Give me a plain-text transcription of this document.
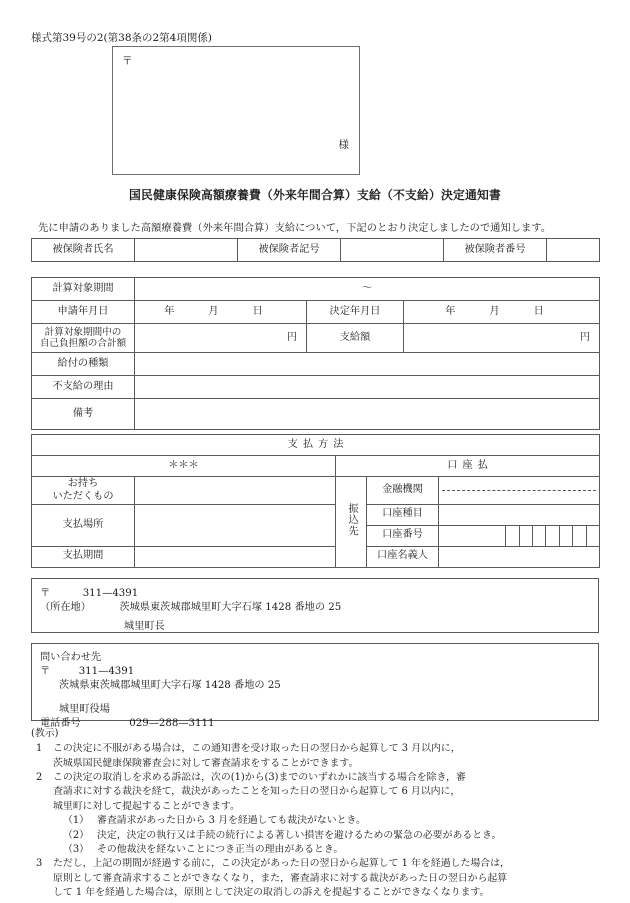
様式第39号の2(第38条の2第4項関係)
〒
様
国民健康保険高額療養費（外来年間合算）支給（不支給）決定通知書
先に申請のありました高額療養費（外来年間合算）支給について，下記のとおり決定しましたので通知します。
被保険者氏名		被保険者記号		被保険者番号	
計算対象期間	〜		

申請年月日	年 月 日	決定年月日	年 月 日

計算対象期間中の
自己負担額の合計額	円	支給額	円

給付の種類			
不支給の理由			
備考			
支払方法				
＊＊＊		口座払		

お持ち
いただくもの		振込先	金融機関	

支払場所			口座種目	
			口座番号	

支払期間			口座名義人	

〒	311—4391
（所在地）	茨城県東茨城郡城里町大字石塚 1428 番地の 25
城里町長
問い合わせ先
〒	311—4391
茨城県東茨城郡城里町大字石塚 1428 番地の 25
城里町役場
電話番号	029—288—3111

(教示)

1	この決定に不服がある場合は，この通知書を受け取った日の翌日から起算して 3 月以内に，

茨城県国民健康保険審査会に対して審査請求をすることができます。

2	この決定の取消しを求める訴訟は，次の(1)から(3)までのいずれかに該当する場合を除き，審

査請求に対する裁決を経て，裁決があったことを知った日の翌日から起算して 6 月以内に，

城里町に対して提起することができます。

（1） 審査請求があった日から 3 月を経過しても裁決がないとき。
（2） 決定，決定の執行又は手続の続行による著しい損害を避けるための緊急の必要があるとき。
（3） その他裁決を経ないことにつき正当の理由があるとき。
3	ただし，上記の期間が経過する前に，この決定があった日の翌日から起算して 1 年を経過した場合は，

原則として審査請求することができなくなり，また，審査請求に対する裁決があった日の翌日から起算

して 1 年を経過した場合は，原則として決定の取消しの訴えを提起することができなくなります。
